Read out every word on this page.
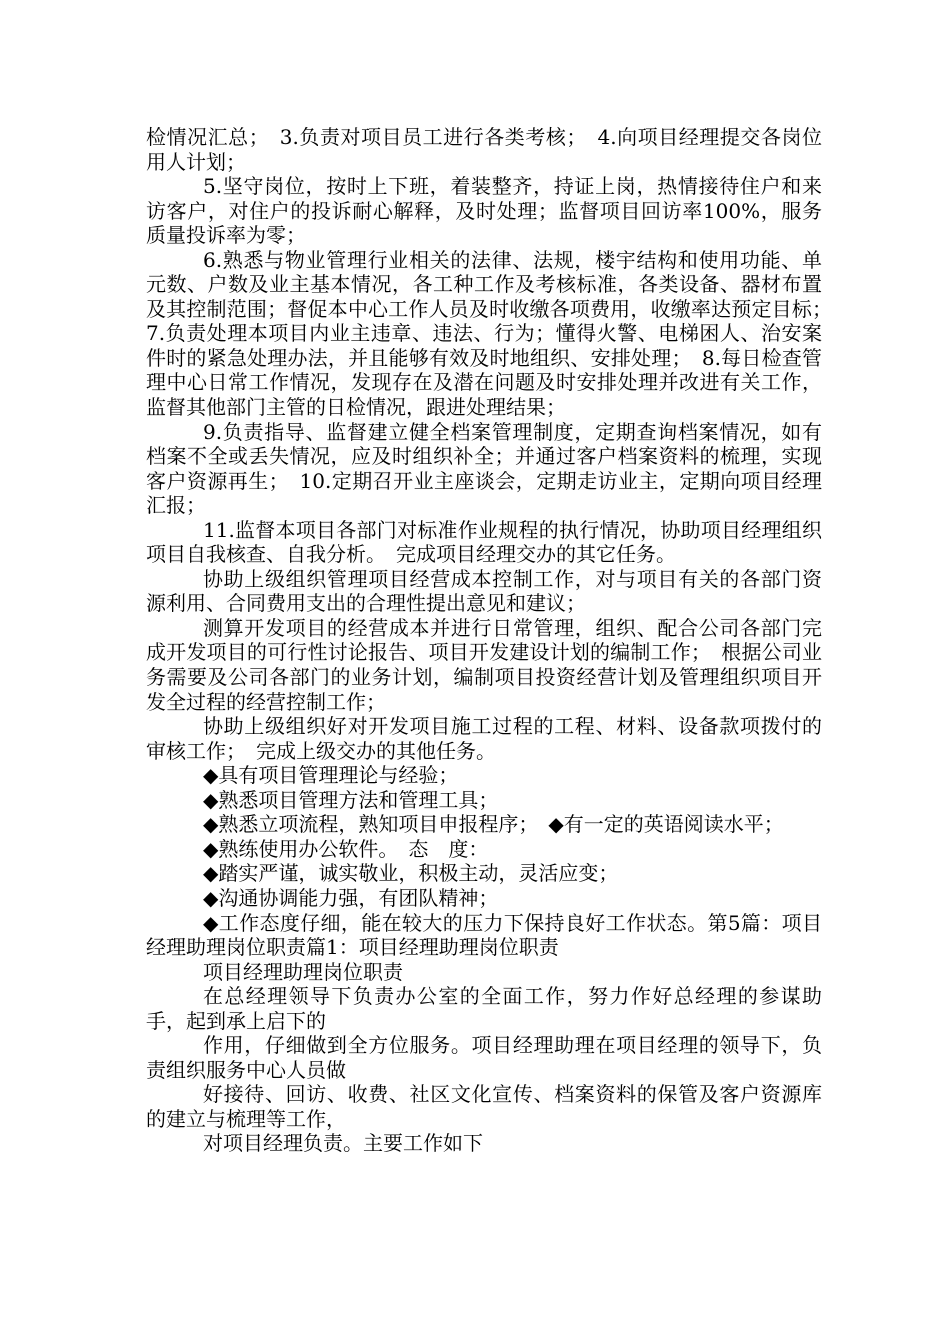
检情况汇总；　3.负责对项目员工进行各类考核；　4.向项目经理提交各岗位用人计划；

5.坚守岗位，按时上下班，着装整齐，持证上岗，热情接待住户和来访客户，对住户的投诉耐心解释，及时处理；监督项目回访率100%，服务质量投诉率为零；

6.熟悉与物业管理行业相关的法律、法规，楼宇结构和使用功能、单元数、户数及业主基本情况，各工种工作及考核标准，各类设备、器材布置及其控制范围；督促本中心工作人员及时收缴各项费用，收缴率达预定目标；　7.负责处理本项目内业主违章、违法、行为；懂得火警、电梯困人、治安案件时的紧急处理办法，并且能够有效及时地组织、安排处理；　8.每日检查管理中心日常工作情况，发现存在及潜在问题及时安排处理并改进有关工作，监督其他部门主管的日检情况，跟进处理结果；

9.负责指导、监督建立健全档案管理制度，定期查询档案情况，如有档案不全或丢失情况，应及时组织补全；并通过客户档案资料的梳理，实现客户资源再生；　10.定期召开业主座谈会，定期走访业主，定期向项目经理汇报；

11.监督本项目各部门对标准作业规程的执行情况，协助项目经理组织项目自我核查、自我分析。　完成项目经理交办的其它任务。

协助上级组织管理项目经营成本控制工作，对与项目有关的各部门资源利用、合同费用支出的合理性提出意见和建议；

测算开发项目的经营成本并进行日常管理，组织、配合公司各部门完成开发项目的可行性讨论报告、项目开发建设计划的编制工作；　根据公司业务需要及公司各部门的业务计划，编制项目投资经营计划及管理组织项目开发全过程的经营控制工作；

协助上级组织好对开发项目施工过程的工程、材料、设备款项拨付的审核工作；　完成上级交办的其他任务。

◆具有项目管理理论与经验；

◆熟悉项目管理方法和管理工具；

◆熟悉立项流程，熟知项目申报程序；　◆有一定的英语阅读水平；

◆熟练使用办公软件。　态　度：

◆踏实严谨，诚实敬业，积极主动，灵活应变；

◆沟通协调能力强，有团队精神；

◆工作态度仔细，能在较大的压力下保持良好工作状态。第5篇：项目经理助理岗位职责篇1：项目经理助理岗位职责

项目经理助理岗位职责

在总经理领导下负责办公室的全面工作，努力作好总经理的参谋助手，起到承上启下的

作用，仔细做到全方位服务。项目经理助理在项目经理的领导下，负责组织服务中心人员做

好接待、回访、收费、社区文化宣传、档案资料的保管及客户资源库的建立与梳理等工作，

对项目经理负责。主要工作如下
